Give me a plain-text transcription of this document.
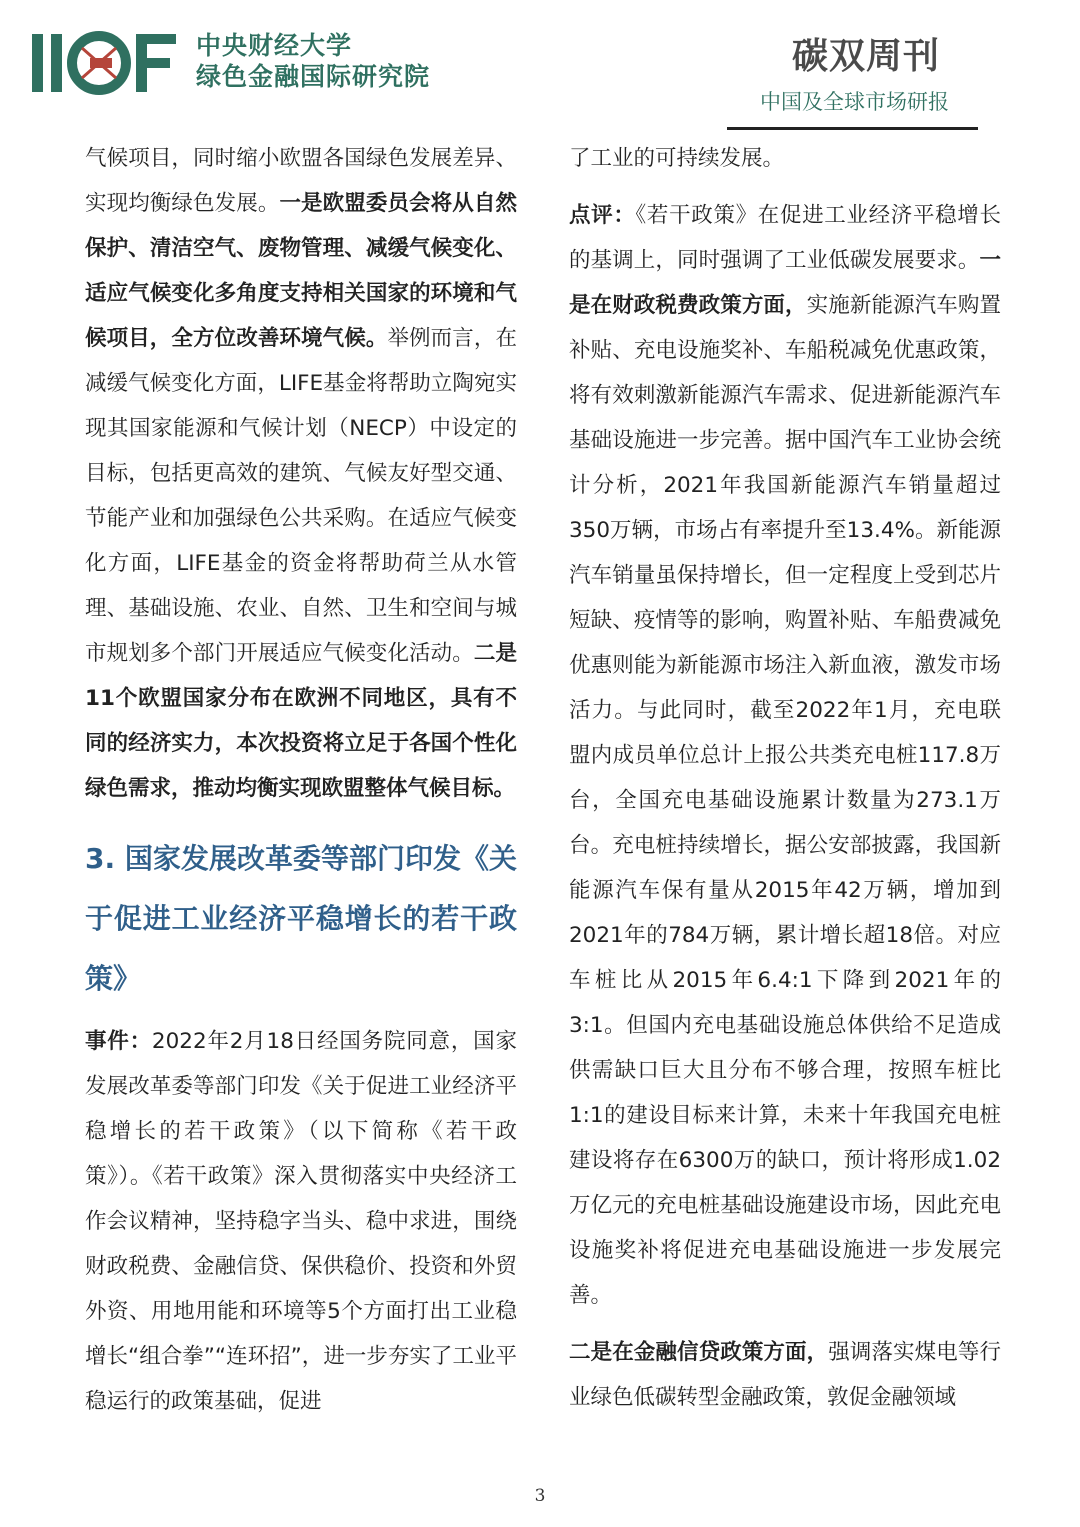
中央财经大学
绿色金融国际研究院	碳双周刊
中国及全球市场研报

气候项目，同时缩小欧盟各国绿色发展差异、实现均衡绿色发展。一是欧盟委员会将从自然保护、清洁空气、废物管理、减缓气候变化、适应气候变化多角度支持相关国家的环境和气候项目，全方位改善环境气候。举例而言，在减缓气候变化方面，LIFE基金将帮助立陶宛实现其国家能源和气候计划（NECP）中设定的目标，包括更高效的建筑、气候友好型交通、节能产业和加强绿色公共采购。在适应气候变化方面，LIFE基金的资金将帮助荷兰从水管理、基础设施、农业、自然、卫生和空间与城市规划多个部门开展适应气候变化活动。二是11个欧盟国家分布在欧洲不同地区，具有不同的经济实力，本次投资将立足于各国个性化绿色需求，推动均衡实现欧盟整体气候目标。

3. 国家发展改革委等部门印发《关于促进工业经济平稳增长的若干政策》

事件：2022年2月18日经国务院同意，国家发展改革委等部门印发《关于促进工业经济平稳增长的若干政策》（以下简称《若干政策》）。《若干政策》深入贯彻落实中央经济工作会议精神，坚持稳字当头、稳中求进，围绕财政税费、金融信贷、保供稳价、投资和外贸外资、用地用能和环境等5个方面打出工业稳增长“组合拳”“连环招”，进一步夯实了工业平稳运行的政策基础，促进

了工业的可持续发展。

点评：《若干政策》在促进工业经济平稳增长的基调上，同时强调了工业低碳发展要求。一是在财政税费政策方面，实施新能源汽车购置补贴、充电设施奖补、车船税减免优惠政策，将有效刺激新能源汽车需求、促进新能源汽车基础设施进一步完善。据中国汽车工业协会统计分析，2021年我国新能源汽车销量超过350万辆，市场占有率提升至13.4%。新能源汽车销量虽保持增长，但一定程度上受到芯片短缺、疫情等的影响，购置补贴、车船费减免优惠则能为新能源市场注入新血液，激发市场活力。与此同时，截至2022年1月，充电联盟内成员单位总计上报公共类充电桩117.8万台，全国充电基础设施累计数量为273.1万台。充电桩持续增长，据公安部披露，我国新能源汽车保有量从2015年42万辆，增加到2021年的784万辆，累计增长超18倍。对应车桩比从2015年6.4:1下降到2021年的3:1。但国内充电基础设施总体供给不足造成供需缺口巨大且分布不够合理，按照车桩比1:1的建设目标来计算，未来十年我国充电桩建设将存在6300万的缺口，预计将形成1.02万亿元的充电桩基础设施建设市场，因此充电设施奖补将促进充电基础设施进一步发展完善。

二是在金融信贷政策方面，强调落实煤电等行业绿色低碳转型金融政策，敦促金融领域

3
